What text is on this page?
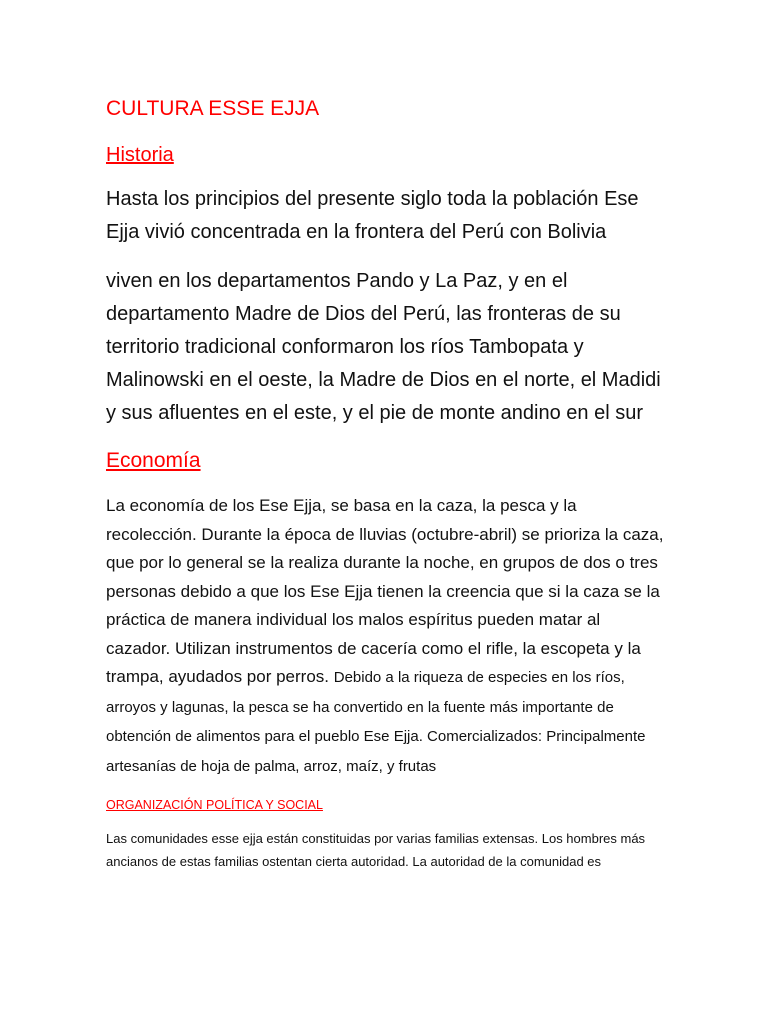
CULTURA ESSE EJJA
Historia

Hasta los principios del presente siglo toda la población Ese Ejja vivió concentrada en la frontera del Perú con Bolivia

viven en los departamentos Pando y La Paz, y en el departamento Madre de Dios del Perú, las fronteras de su territorio tradicional conformaron los ríos Tambopata y Malinowski en el oeste, la Madre de Dios en el norte, el Madidi y sus afluentes en el este, y el pie de monte andino en el sur

Economía

La economía de los Ese Ejja, se basa en la caza, la pesca y la recolección. Durante la época de lluvias (octubre-abril) se prioriza la caza, que por lo general se la realiza durante la noche, en grupos de dos o tres personas debido a que los Ese Ejja tienen la creencia que si la caza se la práctica de manera individual los malos espíritus pueden matar al cazador. Utilizan instrumentos de cacería como el rifle, la escopeta y la trampa, ayudados por perros. Debido a la riqueza de especies en los ríos, arroyos y lagunas, la pesca se ha convertido en la fuente más importante de obtención de alimentos para el pueblo Ese Ejja. Comercializados: Principalmente artesanías de hoja de palma, arroz, maíz, y frutas

ORGANIZACIÓN POLÍTICA Y SOCIAL

Las comunidades esse ejja están constituidas por varias familias extensas. Los hombres más ancianos de estas familias ostentan cierta autoridad. La autoridad de la comunidad es
